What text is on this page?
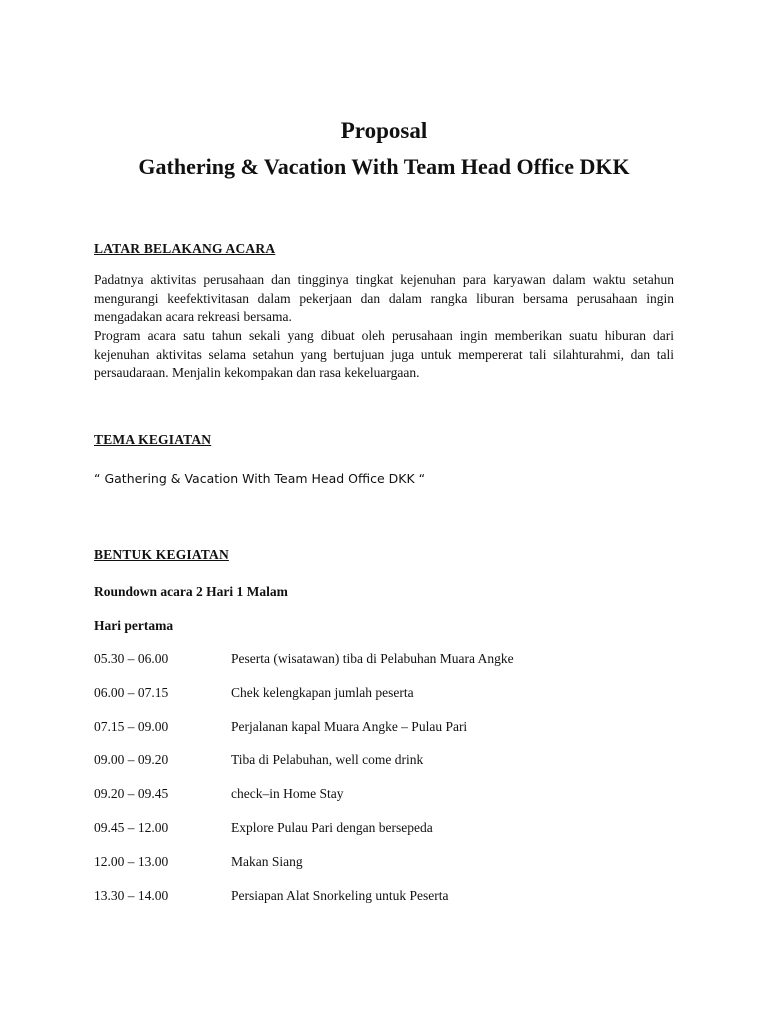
Proposal
Gathering & Vacation With Team Head Office DKK
LATAR BELAKANG ACARA

Padatnya aktivitas perusahaan dan tingginya tingkat kejenuhan para karyawan dalam waktu setahun mengurangi keefektivitasan dalam pekerjaan dan dalam rangka liburan bersama perusahaan ingin mengadakan acara rekreasi bersama.

Program acara satu tahun sekali yang dibuat oleh perusahaan ingin memberikan suatu hiburan dari kejenuhan aktivitas selama setahun yang bertujuan juga untuk mempererat tali silahturahmi, dan tali persaudaraan. Menjalin kekompakan dan rasa kekeluargaan.

TEMA KEGIATAN

“ Gathering & Vacation With Team Head Office DKK “

BENTUK KEGIATAN

Roundown acara 2 Hari 1 Malam

Hari pertama

05.30 – 06.00	Peserta (wisatawan) tiba di Pelabuhan Muara Angke
06.00 – 07.15	Chek kelengkapan jumlah peserta
07.15 – 09.00	Perjalanan kapal Muara Angke – Pulau Pari
09.00 – 09.20	Tiba di Pelabuhan, well come drink
09.20 – 09.45	check–in Home Stay
09.45 – 12.00	Explore Pulau Pari dengan bersepeda
12.00 – 13.00	Makan Siang
13.30 – 14.00	Persiapan Alat Snorkeling untuk Peserta
